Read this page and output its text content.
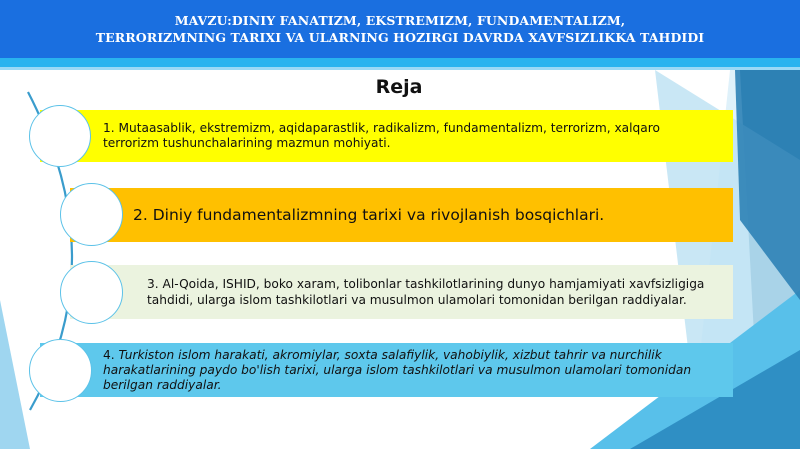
MAVZU:DINIY FANATIZM, EKSTREMIZM, FUNDAMENTALIZM,
TERRORIZMNING TARIXI VA ULARNING HOZIRGI DAVRDA XAVFSIZLIKKA TAHDIDI
Reja
1. Mutaasablik, ekstremizm, aqidaparastlik, radikalizm, fundamentalizm, terrorizm, xalqaro terrorizm tushunchalarining mazmun mohiyati.
2. Diniy fundamentalizmning tarixi va rivojlanish bosqichlari.
3. Al-Qoida, ISHID, boko xaram, tolibonlar tashkilotlarining dunyo hamjamiyati xavfsizligiga tahdidi, ularga islom tashkilotlari va musulmon ulamolari tomonidan berilgan raddiyalar.
4. Turkiston islom harakati, akromiylar, soxta salafiylik, vahobiylik, xizbut tahrir va nurchilik harakatlarining paydo bo'lish tarixi, ularga islom tashkilotlari va musulmon ulamolari tomonidan berilgan raddiyalar.
